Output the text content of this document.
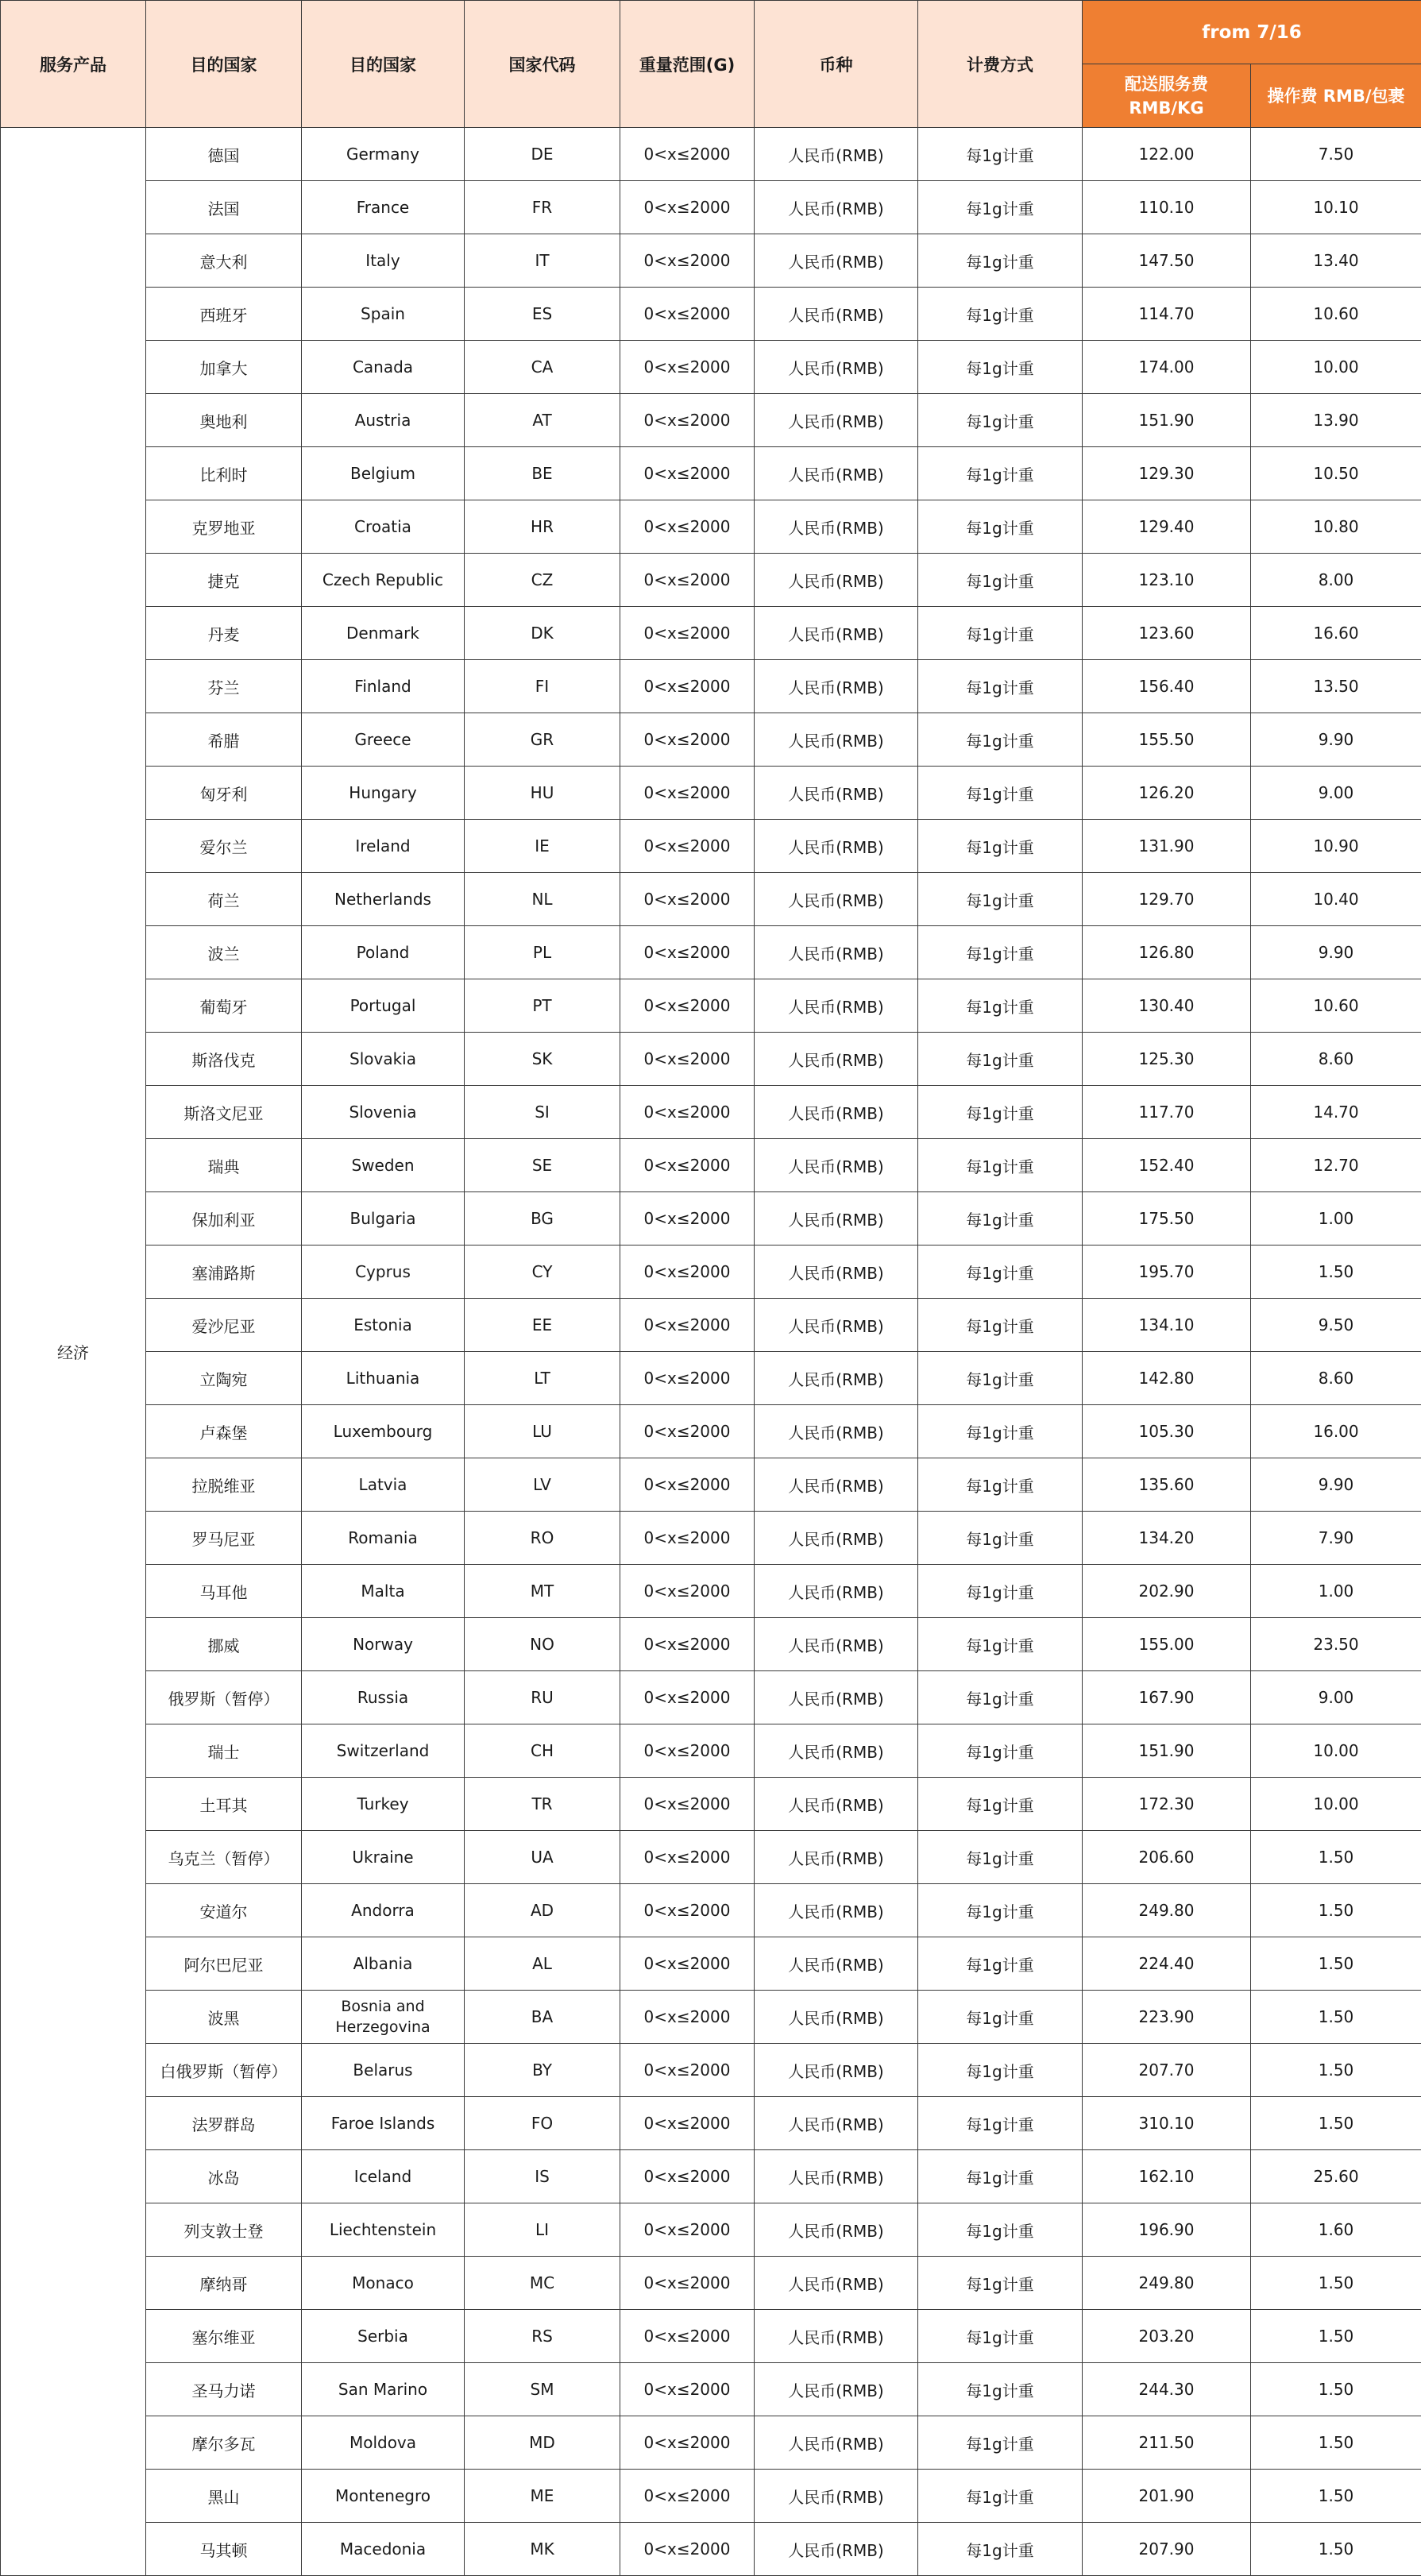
服务产品	目的国家	目的国家	国家代码	重量范围(G)	币种	计费方式	from 7/16	
							配送服务费 RMB/KG	操作费 RMB/包裹
经济	德国	Germany	DE	0<x≤2000	人民币(RMB)	每1g计重	122.00	7.50
	法国	France	FR	0<x≤2000	人民币(RMB)	每1g计重	110.10	10.10
	意大利	Italy	IT	0<x≤2000	人民币(RMB)	每1g计重	147.50	13.40
	西班牙	Spain	ES	0<x≤2000	人民币(RMB)	每1g计重	114.70	10.60
	加拿大	Canada	CA	0<x≤2000	人民币(RMB)	每1g计重	174.00	10.00
	奥地利	Austria	AT	0<x≤2000	人民币(RMB)	每1g计重	151.90	13.90
	比利时	Belgium	BE	0<x≤2000	人民币(RMB)	每1g计重	129.30	10.50
	克罗地亚	Croatia	HR	0<x≤2000	人民币(RMB)	每1g计重	129.40	10.80
	捷克	Czech Republic	CZ	0<x≤2000	人民币(RMB)	每1g计重	123.10	8.00
	丹麦	Denmark	DK	0<x≤2000	人民币(RMB)	每1g计重	123.60	16.60
	芬兰	Finland	FI	0<x≤2000	人民币(RMB)	每1g计重	156.40	13.50
	希腊	Greece	GR	0<x≤2000	人民币(RMB)	每1g计重	155.50	9.90
	匈牙利	Hungary	HU	0<x≤2000	人民币(RMB)	每1g计重	126.20	9.00
	爱尔兰	Ireland	IE	0<x≤2000	人民币(RMB)	每1g计重	131.90	10.90
	荷兰	Netherlands	NL	0<x≤2000	人民币(RMB)	每1g计重	129.70	10.40
	波兰	Poland	PL	0<x≤2000	人民币(RMB)	每1g计重	126.80	9.90
	葡萄牙	Portugal	PT	0<x≤2000	人民币(RMB)	每1g计重	130.40	10.60
	斯洛伐克	Slovakia	SK	0<x≤2000	人民币(RMB)	每1g计重	125.30	8.60
	斯洛文尼亚	Slovenia	SI	0<x≤2000	人民币(RMB)	每1g计重	117.70	14.70
	瑞典	Sweden	SE	0<x≤2000	人民币(RMB)	每1g计重	152.40	12.70
	保加利亚	Bulgaria	BG	0<x≤2000	人民币(RMB)	每1g计重	175.50	1.00
	塞浦路斯	Cyprus	CY	0<x≤2000	人民币(RMB)	每1g计重	195.70	1.50
	爱沙尼亚	Estonia	EE	0<x≤2000	人民币(RMB)	每1g计重	134.10	9.50
	立陶宛	Lithuania	LT	0<x≤2000	人民币(RMB)	每1g计重	142.80	8.60
	卢森堡	Luxembourg	LU	0<x≤2000	人民币(RMB)	每1g计重	105.30	16.00
	拉脱维亚	Latvia	LV	0<x≤2000	人民币(RMB)	每1g计重	135.60	9.90
	罗马尼亚	Romania	RO	0<x≤2000	人民币(RMB)	每1g计重	134.20	7.90
	马耳他	Malta	MT	0<x≤2000	人民币(RMB)	每1g计重	202.90	1.00
	挪威	Norway	NO	0<x≤2000	人民币(RMB)	每1g计重	155.00	23.50
	俄罗斯（暂停）	Russia	RU	0<x≤2000	人民币(RMB)	每1g计重	167.90	9.00
	瑞士	Switzerland	CH	0<x≤2000	人民币(RMB)	每1g计重	151.90	10.00
	土耳其	Turkey	TR	0<x≤2000	人民币(RMB)	每1g计重	172.30	10.00
	乌克兰（暂停）	Ukraine	UA	0<x≤2000	人民币(RMB)	每1g计重	206.60	1.50
	安道尔	Andorra	AD	0<x≤2000	人民币(RMB)	每1g计重	249.80	1.50
	阿尔巴尼亚	Albania	AL	0<x≤2000	人民币(RMB)	每1g计重	224.40	1.50
	波黑	Bosnia and Herzegovina	BA	0<x≤2000	人民币(RMB)	每1g计重	223.90	1.50
	白俄罗斯（暂停）	Belarus	BY	0<x≤2000	人民币(RMB)	每1g计重	207.70	1.50
	法罗群岛	Faroe Islands	FO	0<x≤2000	人民币(RMB)	每1g计重	310.10	1.50
	冰岛	Iceland	IS	0<x≤2000	人民币(RMB)	每1g计重	162.10	25.60
	列支敦士登	Liechtenstein	LI	0<x≤2000	人民币(RMB)	每1g计重	196.90	1.60
	摩纳哥	Monaco	MC	0<x≤2000	人民币(RMB)	每1g计重	249.80	1.50
	塞尔维亚	Serbia	RS	0<x≤2000	人民币(RMB)	每1g计重	203.20	1.50
	圣马力诺	San Marino	SM	0<x≤2000	人民币(RMB)	每1g计重	244.30	1.50
	摩尔多瓦	Moldova	MD	0<x≤2000	人民币(RMB)	每1g计重	211.50	1.50
	黑山	Montenegro	ME	0<x≤2000	人民币(RMB)	每1g计重	201.90	1.50
	马其顿	Macedonia	MK	0<x≤2000	人民币(RMB)	每1g计重	207.90	1.50
